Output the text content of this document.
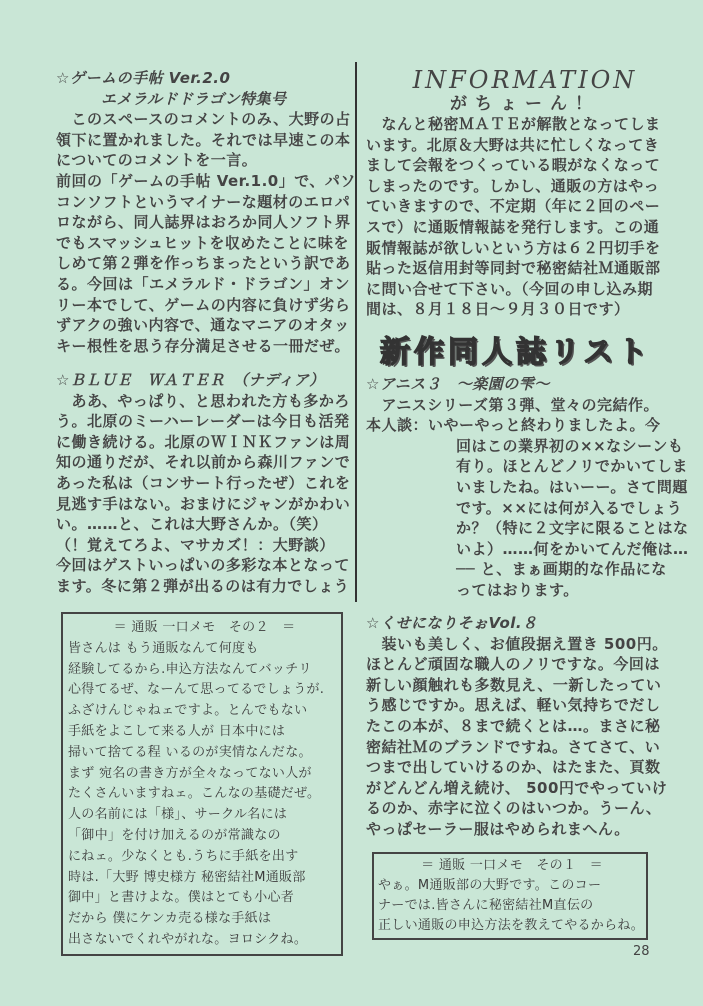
☆ゲームの手帖 Ver.2.0
エメラルドドラゴン特集号
　このスペースのコメントのみ、大野の占
領下に置かれました。それでは早速この本
についてのコメントを一言。
前回の「ゲームの手帖 Ver.1.0」で、パソ
コンソフトというマイナーな題材のエロパ
ロながら、同人誌界はおろか同人ソフト界
でもスマッシュヒットを収めたことに味を
しめて第２弾を作っちまったという訳であ
る。今回は「エメラルド・ドラゴン」オン
リー本でして、ゲームの内容に負けず劣ら
ずアクの強い内容で、通なマニアのオタッ
キー根性を思う存分満足させる一冊だぜ。
☆ＢＬＵＥ　ＷＡＴＥＲ　（ナディア）
　ああ、やっぱり、と思われた方も多かろ
う。北原のミーハーレーダーは今日も活発
に働き続ける。北原のＷＩＮＫファンは周
知の通りだが、それ以前から森川ファンで
あった私は（コンサート行ったぜ）これを
見逃す手はない。おまけにジャンがかわい
い。……と、これは大野さんか。（笑）
（！覚えてろよ、マサカズ！：大野談）
今回はゲストいっぱいの多彩な本となって
ます。冬に第２弾が出るのは有力でしょう
＝ 通販 一口メモ　その２　＝
皆さんは もう通販なんて何度も
経験してるから.申込方法なんてバッチリ
心得てるぜ、なーんて思ってるでしょうが.
ふざけんじゃねェですよ。とんでもない
手紙をよこして来る人が 日本中には
掃いて捨てる程 いるのが実情なんだな。
まず 宛名の書き方が全々なってない人が
たくさんいますねェ。こんなの基礎だぜ。
人の名前には「様」、サークル名には
「御中」を付け加えるのが常識なの
にねェ。少なくとも.うちに手紙を出す
時は.「大野 博史様方 秘密結社M通販部
御中」と書けよな。僕はとても小心者
だから 僕にケンカ売る様な手紙は
出さないでくれやがれな。ヨロシクね。
INFORMATION
がちょーん！
　なんと秘密ＭＡＴＥが解散となってしま
います。北原＆大野は共に忙しくなってき
まして会報をつくっている暇がなくなって
しまったのです。しかし、通販の方はやっ
ていきますので、不定期（年に２回のペー
スで）に通販情報誌を発行します。この通
販情報誌が欲しいという方は６２円切手を
貼った返信用封等同封で秘密結社Ｍ通販部
に問い合せて下さい。（今回の申し込み期
間は、８月１８日～９月３０日です）
新作同人誌リスト
☆アニス３　～楽園の雫～
　アニスシリーズ第３弾、堂々の完結作。
本人談：いやーやっと終わりましたよ。今
回はこの業界初の××なシーンも
有り。ほとんどノリでかいてしま
いましたね。はいーー。さて問題
です。××には何が入るでしょう
か？（特に２文字に限ることはな
いよ）……何をかいてんだ俺は…
── と、まぁ画期的な作品にな
ってはおります。
☆くせになりそぉVol.８
　装いも美しく、お値段据え置き 500円。
ほとんど頑固な職人のノリですな。今回は
新しい顔触れも多数見え、一新したってい
う感じですか。思えば、軽い気持ちでだし
たこの本が、８まで続くとは…。まさに秘
密結社Ｍのブランドですね。さてさて、い
つまで出していけるのか、はたまた、頁数
がどんどん増え続け、 500円でやっていけ
るのか、赤字に泣くのはいつか。うーん、
やっぱセーラー服はやめられまへん。
＝ 通販 一口メモ　その１　＝
やぁ。M通販部の大野です。このコー
ナーでは.皆さんに秘密結社M直伝の
正しい通販の申込方法を教えてやるからね。
28
